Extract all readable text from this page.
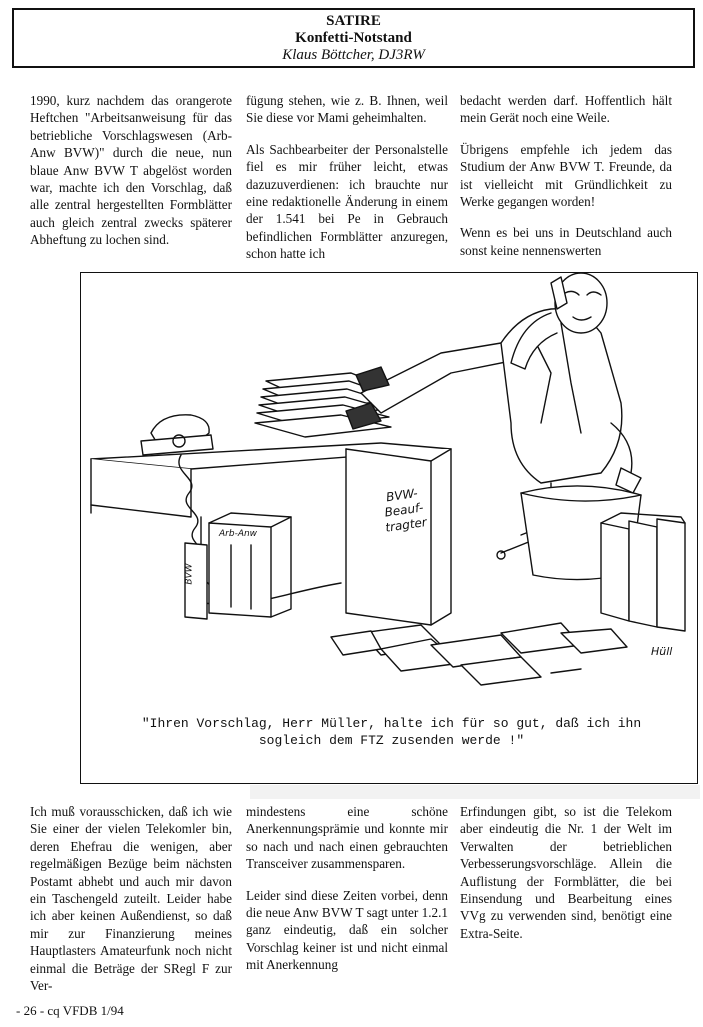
SATIRE
Konfetti-Notstand
Klaus Böttcher, DJ3RW

1990, kurz nachdem das orangerote Heftchen "Arbeitsanweisung für das betriebliche Vorschlagswesen (Arb-Anw BVW)" durch die neue, nun blaue Anw BVW T abgelöst worden war, machte ich den Vorschlag, daß alle zentral hergestellten Formblätter auch gleich zentral zwecks späterer Abheftung zu lochen sind.

fügung stehen, wie z. B. Ihnen, weil Sie diese vor Mami geheimhalten.

Als Sachbearbeiter der Personalstelle fiel es mir früher leicht, etwas dazuzuverdienen: ich brauchte nur eine redaktionelle Änderung in einem der 1.541 bei Pe in Gebrauch befindlichen Formblätter anzuregen, schon hatte ich

bedacht werden darf. Hoffentlich hält mein Gerät noch eine Weile.

Übrigens empfehle ich jedem das Studium der Anw BVW T. Freunde, da ist vielleicht mit Gründlichkeit zu Werke gegangen worden!

Wenn es bei uns in Deutschland auch sonst keine nennenswerten

BVW-
Beauf-
tragter
Arb-Anw
BVW
Hüll
"Ihren Vorschlag, Herr Müller, halte ich für so gut, daß ich ihn
sogleich dem FTZ zusenden werde !"

Ich muß vorausschicken, daß ich wie Sie einer der vielen Telekomler bin, deren Ehefrau die wenigen, aber regelmäßigen Bezüge beim nächsten Postamt abhebt und auch mir davon ein Taschengeld zuteilt. Leider habe ich aber keinen Außendienst, so daß mir zur Finanzierung meines Hauptlasters Amateurfunk noch nicht einmal die Beträge der SRegl F zur Ver-

mindestens eine schöne Anerkennungsprämie und konnte mir so nach und nach einen gebrauchten Transceiver zusammensparen.

Leider sind diese Zeiten vorbei, denn die neue Anw BVW T sagt unter 1.2.1 ganz eindeutig, daß ein solcher Vorschlag keiner ist und nicht einmal mit Anerkennung

Erfindungen gibt, so ist die Telekom aber eindeutig die Nr. 1 der Welt im Verwalten der betrieblichen Verbesserungsvorschläge. Allein die Auflistung der Formblätter, die bei Einsendung und Bearbeitung eines VVg zu verwenden sind, benötigt eine Extra-Seite.

- 26 - cq VFDB 1/94
